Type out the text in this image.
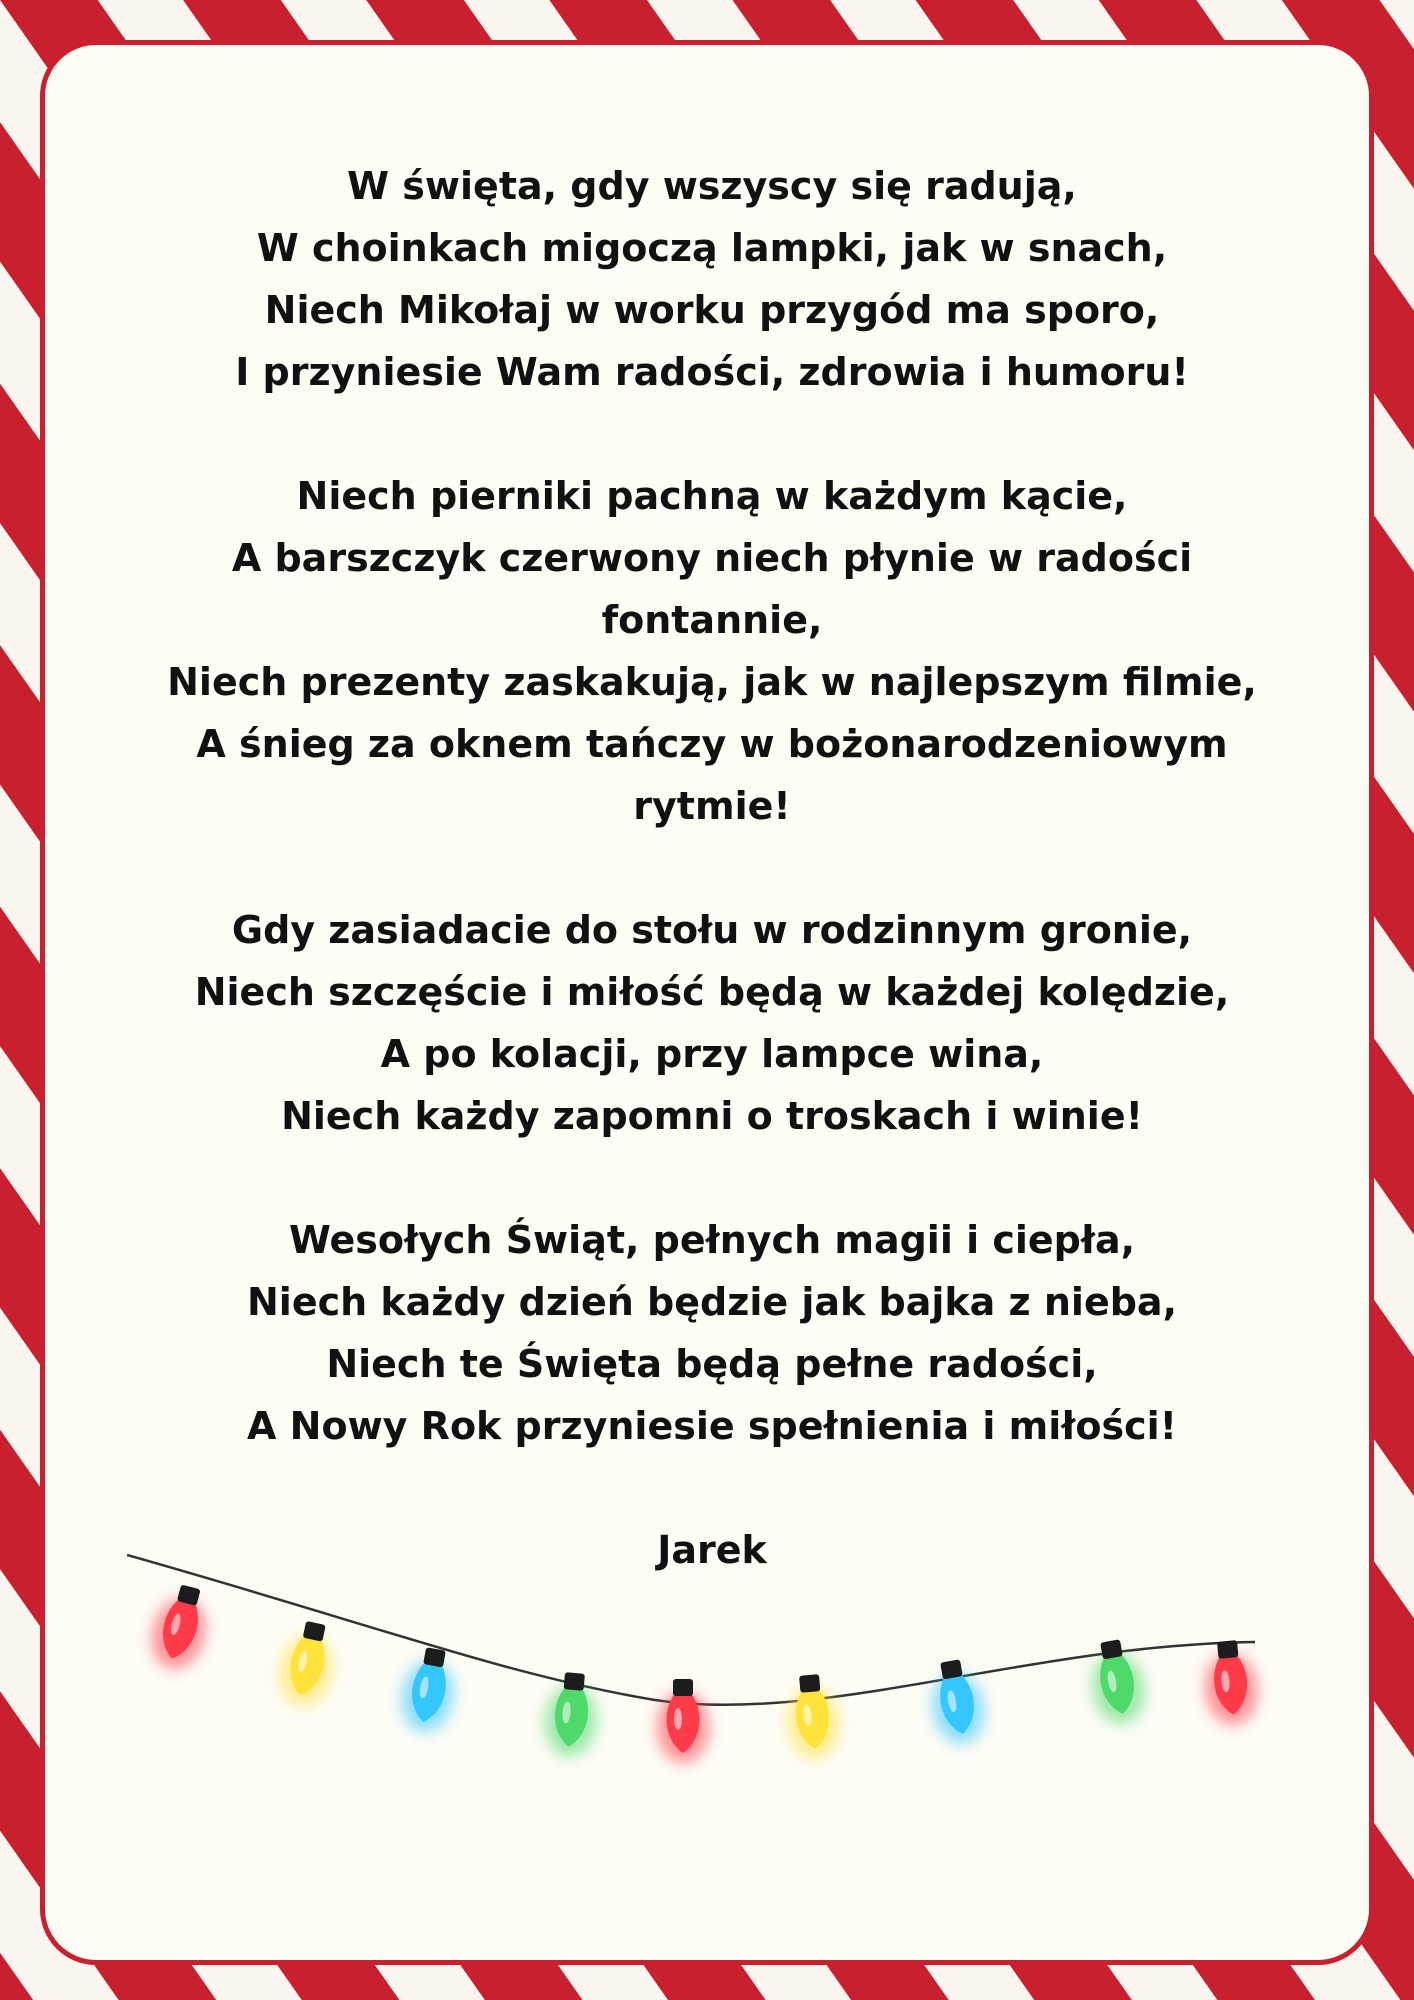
W święta, gdy wszyscy się radują,
W choinkach migoczą lampki, jak w snach,
Niech Mikołaj w worku przygód ma sporo,
I przyniesie Wam radości, zdrowia i humoru!
Niech pierniki pachną w każdym kącie,
A barszczyk czerwony niech płynie w radości
fontannie,
Niech prezenty zaskakują, jak w najlepszym filmie,
A śnieg za oknem tańczy w bożonarodzeniowym
rytmie!
Gdy zasiadacie do stołu w rodzinnym gronie,
Niech szczęście i miłość będą w każdej kolędzie,
A po kolacji, przy lampce wina,
Niech każdy zapomni o troskach i winie!
Wesołych Świąt, pełnych magii i ciepła,
Niech każdy dzień będzie jak bajka z nieba,
Niech te Święta będą pełne radości,
A Nowy Rok przyniesie spełnienia i miłości!
Jarek
